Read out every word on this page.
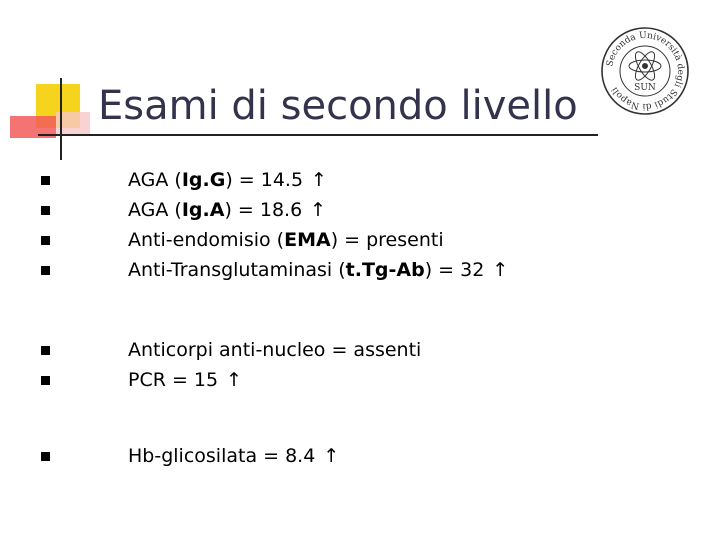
Esami di secondo livello
Seconda Università degli Studi di Napoli	SUN
AGA (Ig.G) = 14.5 ↑
AGA (Ig.A) = 18.6 ↑
Anti-endomisio (EMA) = presenti
Anti-Transglutaminasi (t.Tg-Ab) = 32 ↑
Anticorpi anti-nucleo = assenti
PCR = 15 ↑
Hb-glicosilata = 8.4 ↑
